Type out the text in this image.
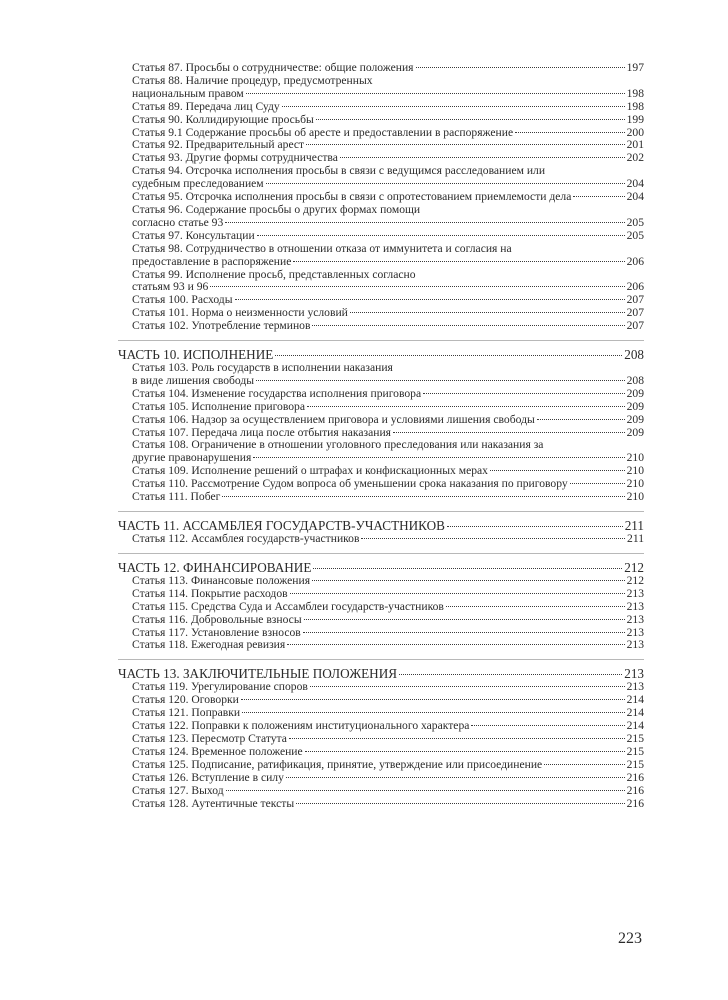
Статья 87. Просьбы о сотрудничестве: общие положения	197
Статья 88. Наличие процедур, предусмотренных
национальным правом	198
Статья 89. Передача лиц Суду	198
Статья 90. Коллидирующие просьбы	199
Статья 9.1 Содержание просьбы об аресте и предоставлении в распоряжение	200
Статья 92. Предварительный арест	201
Статья 93. Другие формы сотрудничества	202
Статья 94. Отсрочка исполнения просьбы в связи с ведущимся расследованием или
судебным преследованием	204
Статья 95. Отсрочка исполнения просьбы в связи с опротестованием приемлемости дела	204
Статья 96. Содержание просьбы о других формах помощи
согласно статье 93	205
Статья 97. Консультации	205
Статья 98. Сотрудничество в отношении отказа от иммунитета и согласия на
предоставление в распоряжение	206
Статья 99. Исполнение просьб, представленных согласно
статьям 93 и 96	206
Статья 100. Расходы	207
Статья 101. Норма о неизменности условий	207
Статья 102. Употребление терминов	207
ЧАСТЬ 10. ИСПОЛНЕНИЕ	208
Статья 103. Роль государств в исполнении наказания
в виде лишения свободы	208
Статья 104. Изменение государства исполнения приговора	209
Статья 105. Исполнение приговора	209
Статья 106. Надзор за осуществлением приговора и условиями лишения свободы	209
Статья 107. Передача лица после отбытия наказания	209
Статья 108. Ограничение в отношении уголовного преследования или наказания за
другие правонарушения	210
Статья 109. Исполнение решений о штрафах и конфискационных мерах	210
Статья 110. Рассмотрение Судом вопроса об уменьшении срока наказания по приговору	210
Статья 111. Побег	210
ЧАСТЬ 11. АССАМБЛЕЯ ГОСУДАРСТВ-УЧАСТНИКОВ	211
Статья 112. Ассамблея государств-участников	211
ЧАСТЬ 12. ФИНАНСИРОВАНИЕ	212
Статья 113. Финансовые положения	212
Статья 114. Покрытие расходов	213
Статья 115. Средства Суда и Ассамблеи государств-участников	213
Статья 116. Добровольные взносы	213
Статья 117. Установление взносов	213
Статья 118. Ежегодная ревизия	213
ЧАСТЬ 13. ЗАКЛЮЧИТЕЛЬНЫЕ ПОЛОЖЕНИЯ	213
Статья 119. Урегулирование споров	213
Статья 120. Оговорки	214
Статья 121. Поправки	214
Статья 122. Поправки к положениям институционального характера	214
Статья 123. Пересмотр Статута	215
Статья 124. Временное положение	215
Статья 125. Подписание, ратификация, принятие, утверждение или присоединение	215
Статья 126. Вступление в силу	216
Статья 127. Выход	216
Статья 128. Аутентичные тексты	216
223
